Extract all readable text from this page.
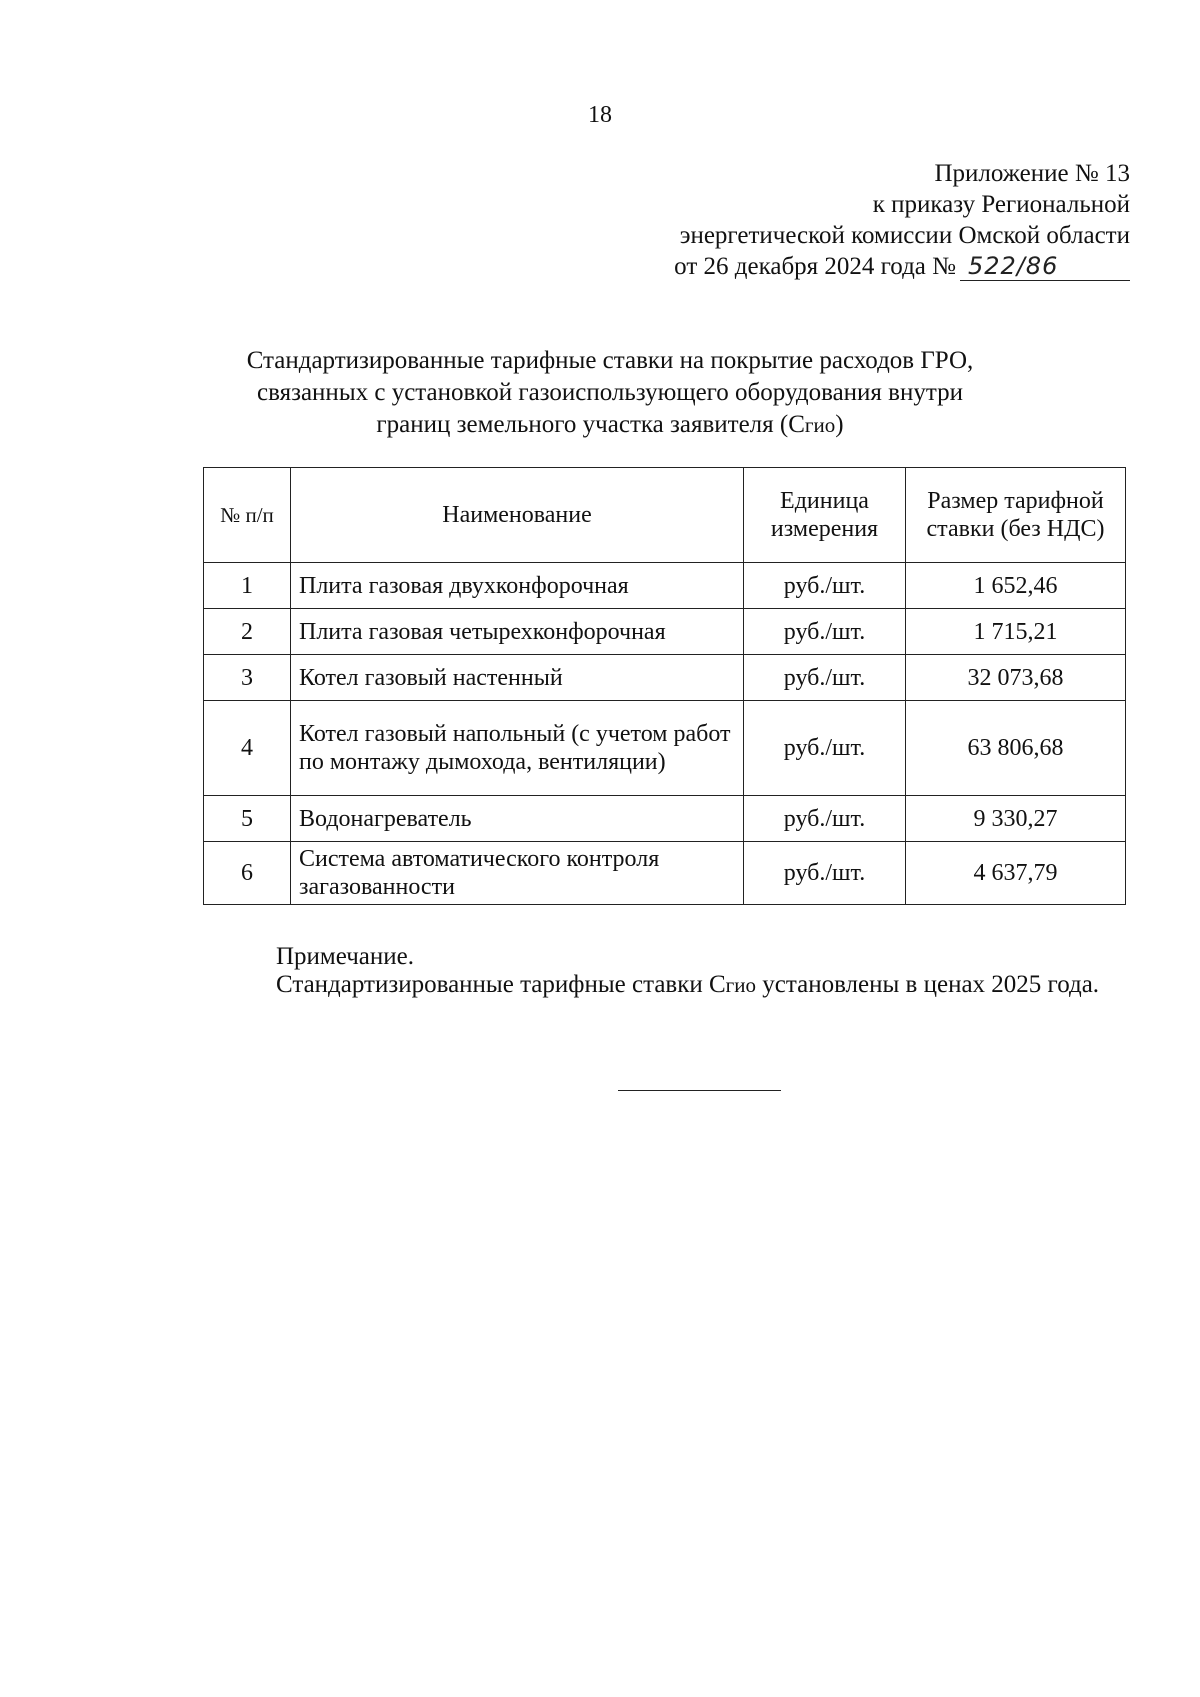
18
Приложение № 13
к приказу Региональной
энергетической комиссии Омской области
от 26 декабря 2024 года № 522/86
Стандартизированные тарифные ставки на покрытие расходов ГРО,
связанных с установкой газоиспользующего оборудования внутри
границ земельного участка заявителя (Сгио)
№ п/п	Наименование	Единица измерения	Размер тарифной ставки (без НДС)
1	Плита газовая двухконфорочная	руб./шт.	1 652,46
2	Плита газовая четырехконфорочная	руб./шт.	1 715,21
3	Котел газовый настенный	руб./шт.	32 073,68
4	Котел газовый напольный (с учетом работ по монтажу дымохода, вентиляции)	руб./шт.	63 806,68
5	Водонагреватель	руб./шт.	9 330,27
6	Система автоматического контроля загазованности	руб./шт.	4 637,79
Примечание.
Стандартизированные тарифные ставки Сгио установлены в ценах 2025 года.
